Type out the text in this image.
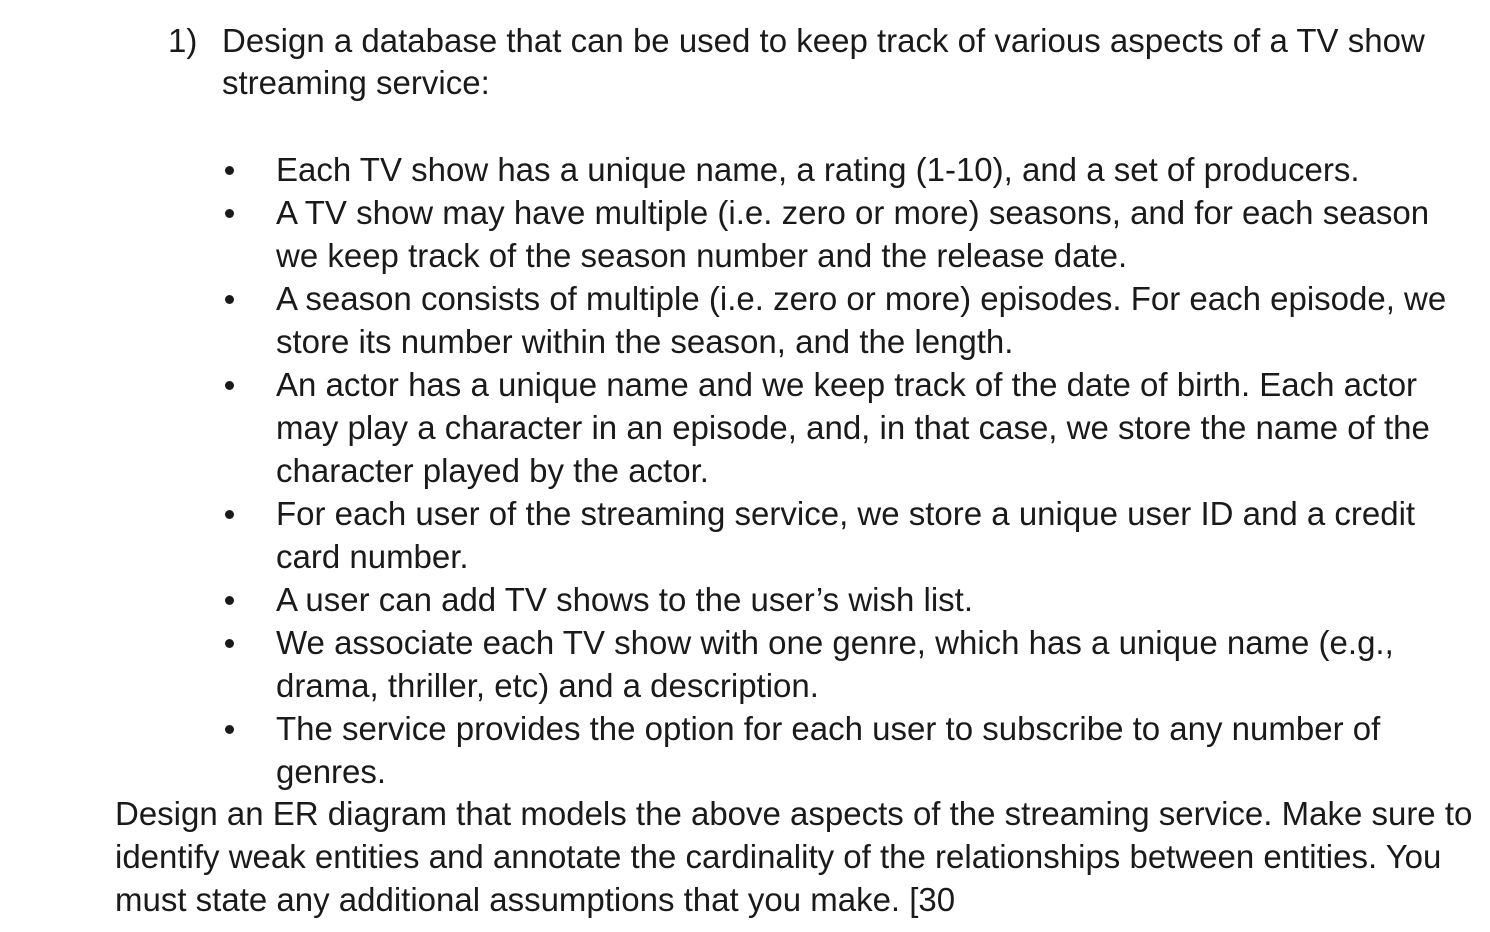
1) Design a database that can be used to keep track of various aspects of a TV show streaming service:
Each TV show has a unique name, a rating (1-10), and a set of producers.
A TV show may have multiple (i.e. zero or more) seasons, and for each season we keep track of the season number and the release date.
A season consists of multiple (i.e. zero or more) episodes. For each episode, we store its number within the season, and the length.
An actor has a unique name and we keep track of the date of birth. Each actor may play a character in an episode, and, in that case, we store the name of the character played by the actor.
For each user of the streaming service, we store a unique user ID and a credit card number.
A user can add TV shows to the user’s wish list.
We associate each TV show with one genre, which has a unique name (e.g., drama, thriller, etc) and a description.
The service provides the option for each user to subscribe to any number of genres.
Design an ER diagram that models the above aspects of the streaming service. Make sure to identify weak entities and annotate the cardinality of the relationships between entities. You must state any additional assumptions that you make. [30
